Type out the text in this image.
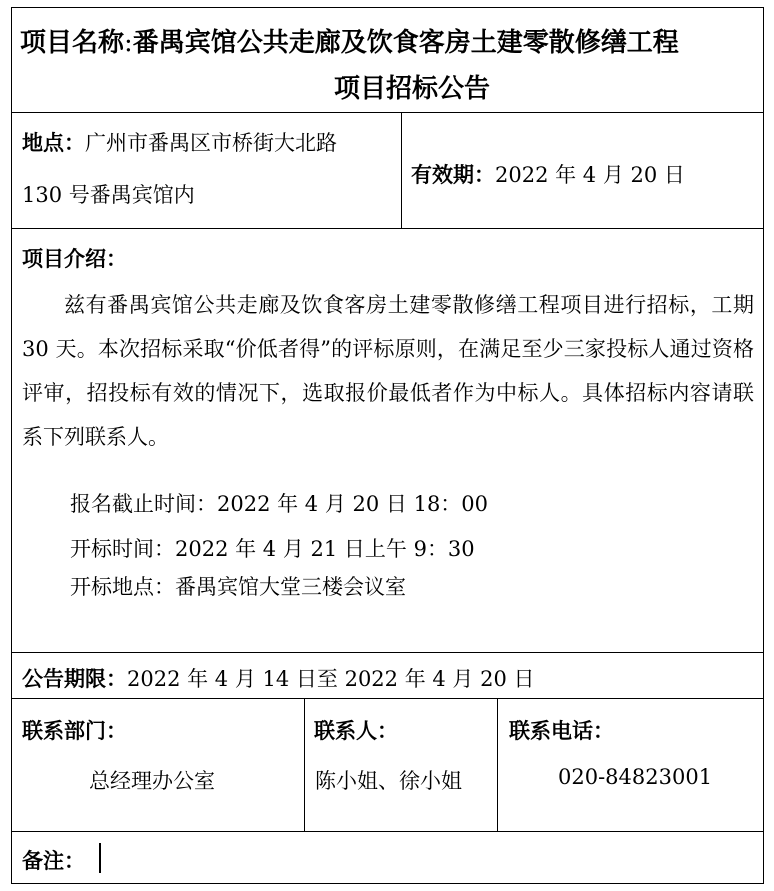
项目名称:番禺宾馆公共走廊及饮食客房土建零散修缮工程
项目招标公告
地点：广州市番禺区市桥街大北路
130 号番禺宾馆内
有效期：2022 年 4 月 20 日
项目介绍：
兹有番禺宾馆公共走廊及饮食客房土建零散修缮工程项目进行招标，工期 30 天。本次招标采取“价低者得”的评标原则，在满足至少三家投标人通过资格评审，招投标有效的情况下，选取报价最低者作为中标人。具体招标内容请联系下列联系人。
报名截止时间：2022 年 4 月 20 日 18：00
开标时间：2022 年 4 月 21 日上午 9：30
开标地点：番禺宾馆大堂三楼会议室
公告期限：2022 年 4 月 14 日至 2022 年 4 月 20 日
联系部门：
总经理办公室
联系人：
陈小姐、徐小姐
联系电话：
020-84823001
备注：
